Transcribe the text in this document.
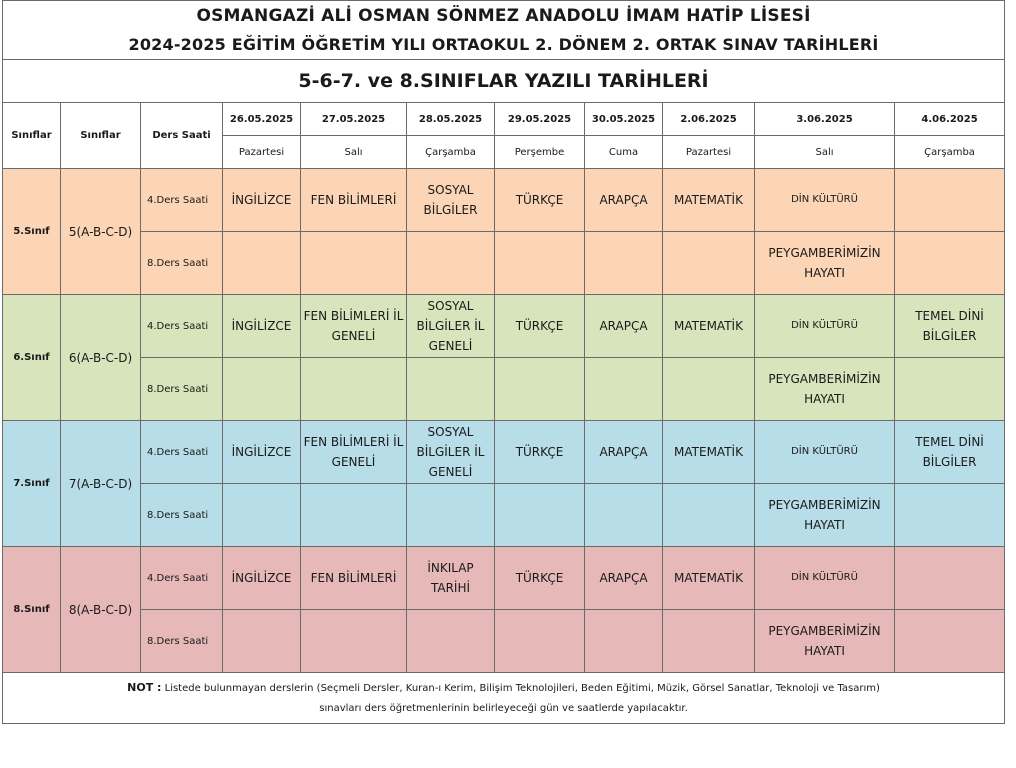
OSMANGAZİ ALİ OSMAN SÖNMEZ ANADOLU İMAM HATİP LİSESİ										
2024-2025 EĞİTİM ÖĞRETİM YILI ORTAOKUL 2. DÖNEM 2. ORTAK SINAV TARİHLERİ										
5-6-7. ve 8.SINIFLAR YAZILI TARİHLERİ										
Sınıflar	Sınıflar	Ders Saati	26.05.2025	27.05.2025	28.05.2025	29.05.2025	30.05.2025	2.06.2025	3.06.2025	4.06.2025
			Pazartesi	Salı	Çarşamba	Perşembe	Cuma	Pazartesi	Salı	Çarşamba
5.Sınıf	5(A-B-C-D)	4.Ders Saati	İNGİLİZCE	FEN BİLİMLERİ	SOSYAL BİLGİLER	TÜRKÇE	ARAPÇA	MATEMATİK	DİN KÜLTÜRÜ	
		8.Ders Saati							PEYGAMBERİMİZİN HAYATI	
6.Sınıf	6(A-B-C-D)	4.Ders Saati	İNGİLİZCE	FEN BİLİMLERİ İL GENELİ	SOSYAL BİLGİLER İL GENELİ	TÜRKÇE	ARAPÇA	MATEMATİK	DİN KÜLTÜRÜ	TEMEL DİNİ BİLGİLER
		8.Ders Saati							PEYGAMBERİMİZİN HAYATI	
7.Sınıf	7(A-B-C-D)	4.Ders Saati	İNGİLİZCE	FEN BİLİMLERİ İL GENELİ	SOSYAL BİLGİLER İL GENELİ	TÜRKÇE	ARAPÇA	MATEMATİK	DİN KÜLTÜRÜ	TEMEL DİNİ BİLGİLER
		8.Ders Saati							PEYGAMBERİMİZİN HAYATI	
8.Sınıf	8(A-B-C-D)	4.Ders Saati	İNGİLİZCE	FEN BİLİMLERİ	İNKILAP TARİHİ	TÜRKÇE	ARAPÇA	MATEMATİK	DİN KÜLTÜRÜ	
		8.Ders Saati							PEYGAMBERİMİZİN HAYATI	
NOT : Listede bulunmayan derslerin (Seçmeli Dersler, Kuran-ı Kerim, Bilişim Teknolojileri, Beden Eğitimi, Müzik, Görsel Sanatlar, Teknoloji ve Tasarım)
sınavları ders öğretmenlerinin belirleyeceği gün ve saatlerde yapılacaktır.										
